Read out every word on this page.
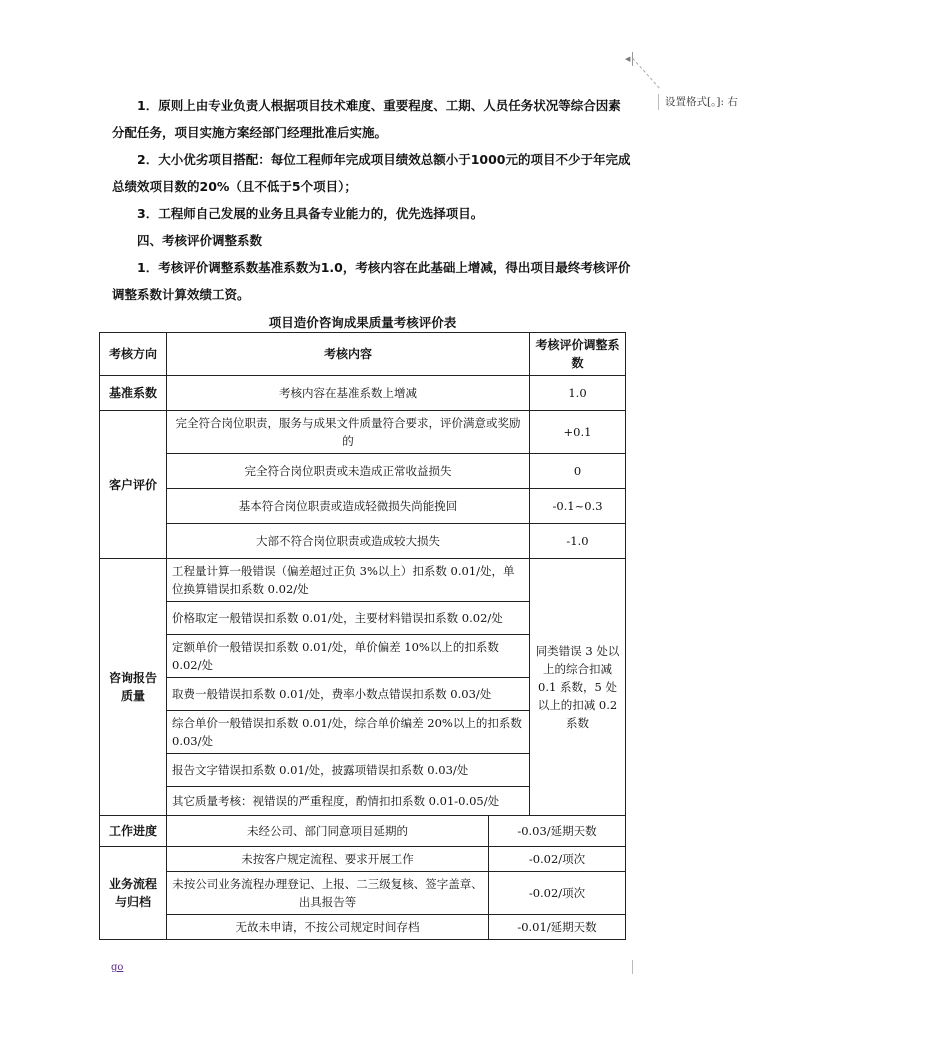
1．原则上由专业负责人根据项目技术难度、重要程度、工期、人员任务状况等综合因素分配任务，项目实施方案经部门经理批准后实施。
2．大小优劣项目搭配：每位工程师年完成项目绩效总额小于1000元的项目不少于年完成总绩效项目数的20%（且不低于5个项目）；
3．工程师自己发展的业务且具备专业能力的，优先选择项目。
四、考核评价调整系数
1．考核评价调整系数基准系数为1.0，考核内容在此基础上增减，得出项目最终考核评价调整系数计算效绩工资。
项目造价咨询成果质量考核评价表
考核方向	考核内容		考核评价调整系数
基准系数	考核内容在基准系数上增减		1.0
客户评价	完全符合岗位职责，服务与成果文件质量符合要求，评价满意或奖励的		+0.1
	完全符合岗位职责或未造成正常收益损失		0
	基本符合岗位职责或造成轻微损失尚能挽回		-0.1~0.3
	大部不符合岗位职责或造成较大损失		-1.0
咨询报告质量	工程量计算一般错误（偏差超过正负 3%以上）扣系数 0.01/处，单位换算错误扣系数 0.02/处		同类错误 3 处以上的综合扣减 0.1 系数，5 处以上的扣减 0.2 系数
	价格取定一般错误扣系数 0.01/处，主要材料错误扣系数 0.02/处		
	定额单价一般错误扣系数 0.01/处，单价偏差 10%以上的扣系数 0.02/处		
	取费一般错误扣系数 0.01/处，费率小数点错误扣系数 0.03/处		
	综合单价一般错误扣系数 0.01/处，综合单价编差 20%以上的扣系数 0.03/处		
	报告文字错误扣系数 0.01/处，披露项错误扣系数 0.03/处		
	其它质量考核：视错误的严重程度，酌情扣扣系数 0.01-0.05/处		
工作进度	未经公司、部门同意项目延期的	-0.03/延期天数	
业务流程与归档	未按客户规定流程、要求开展工作	-0.02/项次	
	未按公司业务流程办理登记、上报、二三级复核、签字盖章、出具报告等	-0.02/项次	
	无故未申请，不按公司规定时间存档	-0.01/延期天数	
◀
设置格式[。]: 右
go
